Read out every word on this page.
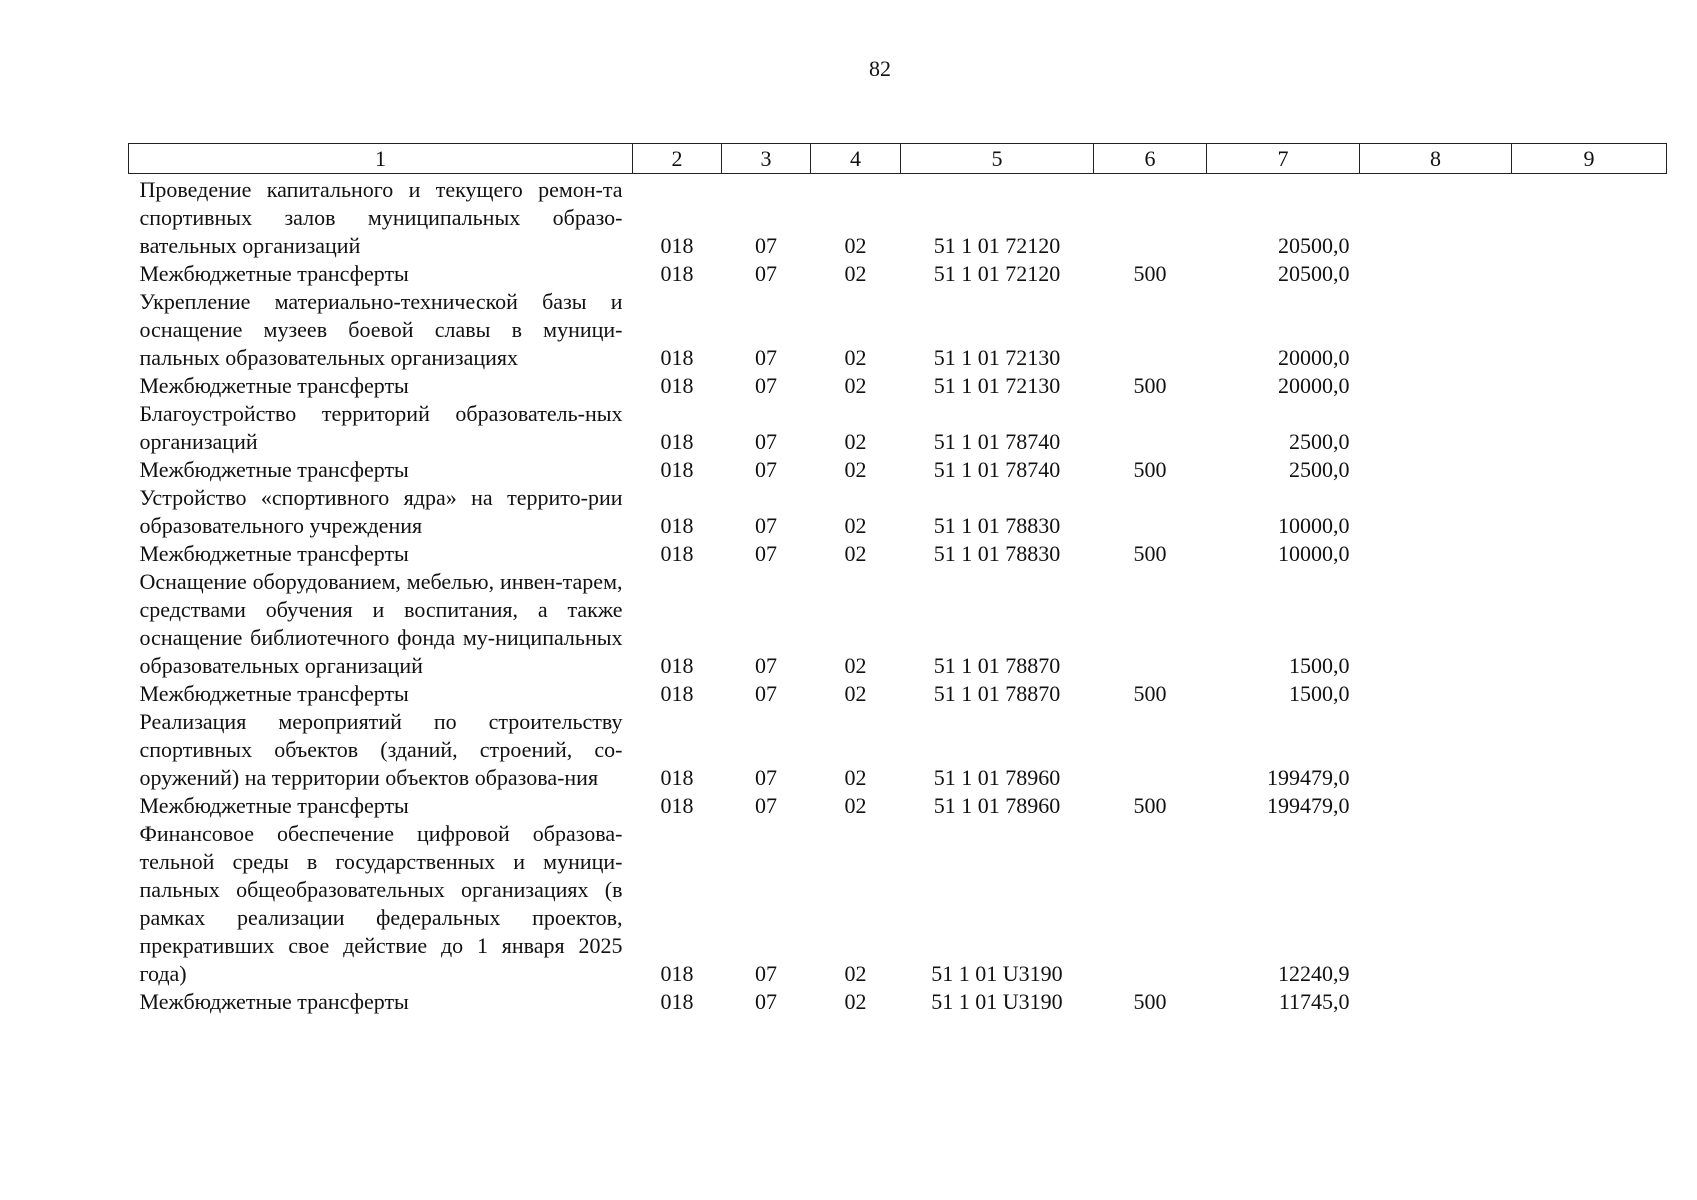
82
1	2	3	4	5	6	7	8	9
Проведение капитального и текущего ремон-та спортивных залов муниципальных образо-вательных организаций	018	07	02	51 1 01 72120		20500,0		
Межбюджетные трансферты	018	07	02	51 1 01 72120	500	20500,0		
Укрепление материально-технической базы и оснащение музеев боевой славы в муници-пальных образовательных организациях	018	07	02	51 1 01 72130		20000,0		
Межбюджетные трансферты	018	07	02	51 1 01 72130	500	20000,0		
Благоустройство территорий образователь-ных организаций	018	07	02	51 1 01 78740		2500,0		
Межбюджетные трансферты	018	07	02	51 1 01 78740	500	2500,0		
Устройство «спортивного ядра» на террито-рии образовательного учреждения	018	07	02	51 1 01 78830		10000,0		
Межбюджетные трансферты	018	07	02	51 1 01 78830	500	10000,0		
Оснащение оборудованием, мебелью, инвен-тарем, средствами обучения и воспитания, а также оснащение библиотечного фонда му-ниципальных образовательных организаций	018	07	02	51 1 01 78870		1500,0		
Межбюджетные трансферты	018	07	02	51 1 01 78870	500	1500,0		
Реализация мероприятий по строительству спортивных объектов (зданий, строений, со-оружений) на территории объектов образова-ния	018	07	02	51 1 01 78960		199479,0		
Межбюджетные трансферты	018	07	02	51 1 01 78960	500	199479,0		
Финансовое обеспечение цифровой образова-тельной среды в государственных и муници-пальных общеобразовательных организациях (в рамках реализации федеральных проектов, прекративших свое действие до 1 января 2025 года)	018	07	02	51 1 01 U3190		12240,9		
Межбюджетные трансферты	018	07	02	51 1 01 U3190	500	11745,0		
